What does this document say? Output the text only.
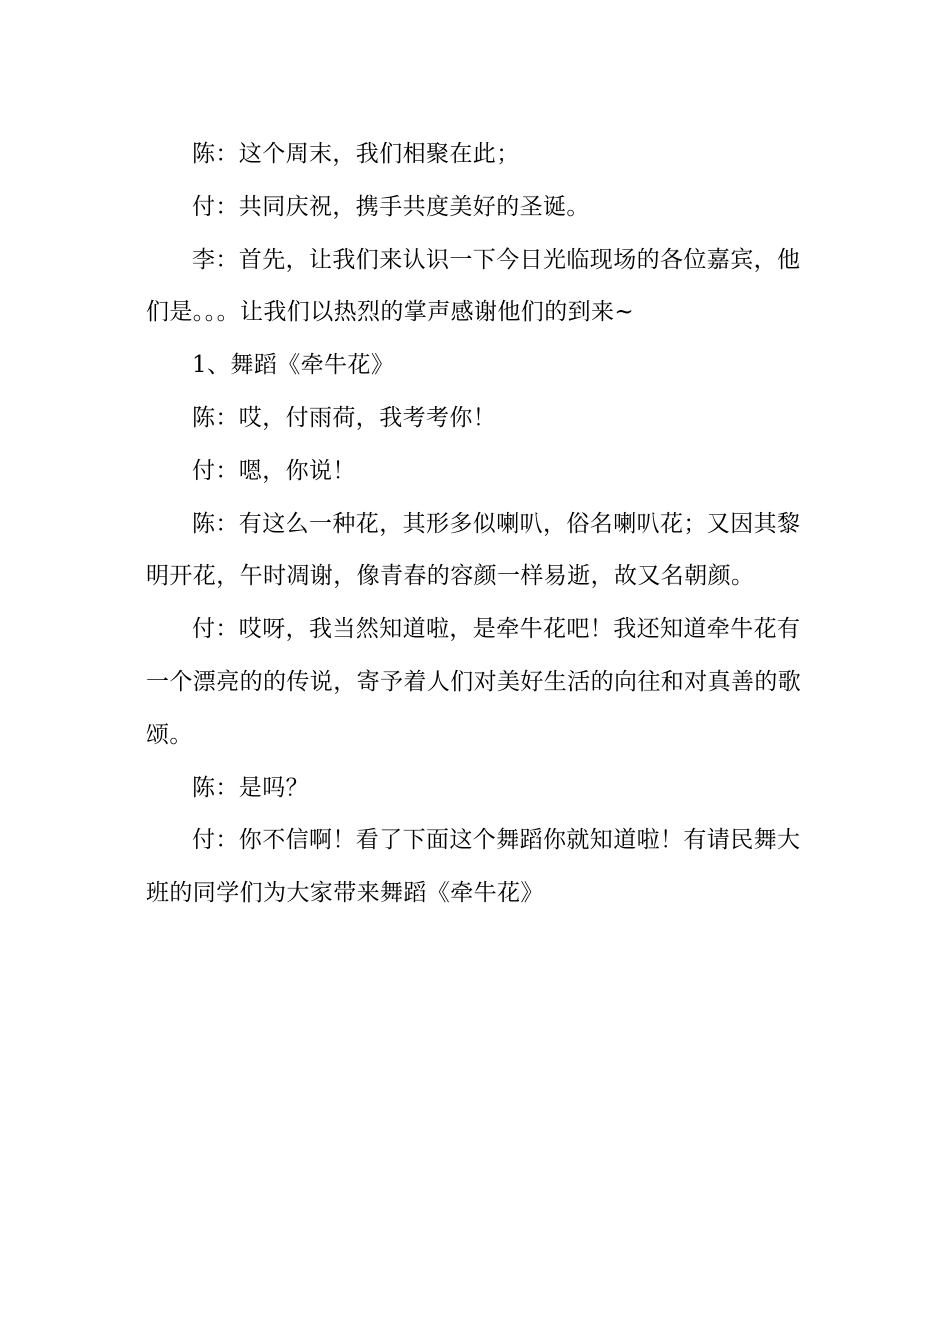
陈：这个周末，我们相聚在此；

付：共同庆祝，携手共度美好的圣诞。

李：首先，让我们来认识一下今日光临现场的各位嘉宾，他们是。。。让我们以热烈的掌声感谢他们的到来~

1、舞蹈《牵牛花》

陈：哎，付雨荷，我考考你！

付：嗯，你说！

陈：有这么一种花，其形多似喇叭，俗名喇叭花；又因其黎明开花，午时凋谢，像青春的容颜一样易逝，故又名朝颜。

付：哎呀，我当然知道啦，是牵牛花吧！我还知道牵牛花有一个漂亮的的传说，寄予着人们对美好生活的向往和对真善的歌颂。

陈：是吗？

付：你不信啊！看了下面这个舞蹈你就知道啦！有请民舞大班的同学们为大家带来舞蹈《牵牛花》
